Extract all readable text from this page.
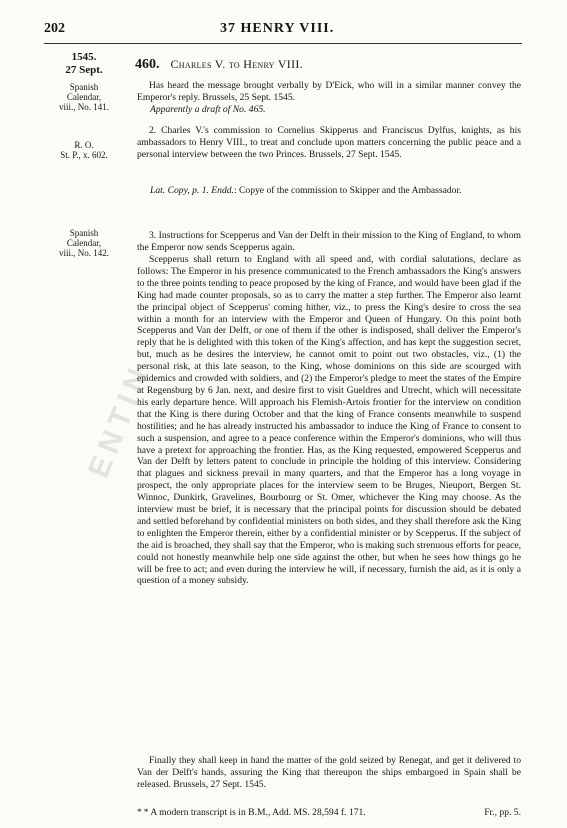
202	37 HENRY VIII.
1545.
27 Sept.
Spanish
Calendar,
viii., No. 141.
R. O.
St. P., x. 602.
Spanish
Calendar,
viii., No. 142.
460. Charles V. to Henry VIII.
Has heard the message brought verbally by D'Eick, who will in a similar manner convey the Emperor's reply. Brussels, 25 Sept. 1545.
Apparently a draft of No. 465.
2. Charles V.'s commission to Cornelius Skipperus and Franciscus Dylfus, knights, as his ambassadors to Henry VIII., to treat and conclude upon matters concerning the public peace and a personal interview between the two Princes. Brussels, 27 Sept. 1545.
Lat. Copy, p. 1. Endd.: Copye of the commission to Skipper and the Ambassador.
3. Instructions for Scepperus and Van der Delft in their mission to the King of England, to whom the Emperor now sends Scepperus again.
Scepperus shall return to England with all speed and, with cordial salutations, declare as follows: The Emperor in his presence communicated to the French ambassadors the King's answers to the three points tending to peace proposed by the king of France, and would have been glad if the King had made counter proposals, so as to carry the matter a step further. The Emperor also learnt the principal object of Scepperus' coming hither, viz., to press the King's desire to cross the sea within a month for an interview with the Emperor and Queen of Hungary. On this point both Scepperus and Van der Delft, or one of them if the other is indisposed, shall deliver the Emperor's reply that he is delighted with this token of the King's affection, and has kept the suggestion secret, but, much as he desires the interview, he cannot omit to point out two obstacles, viz., (1) the personal risk, at this late season, to the King, whose dominions on this side are scourged with epidemics and crowded with soldiers, and (2) the Emperor's pledge to meet the states of the Empire at Regensburg by 6 Jan. next, and desire first to visit Gueldres and Utrecht, which will necessitate his early departure hence. Will approach his Flemish-Artois frontier for the interview on condition that the King is there during October and that the king of France consents meanwhile to suspend hostilities; and he has already instructed his ambassador to induce the King of France to consent to such a suspension, and agree to a peace conference within the Emperor's dominions, who will thus have a pretext for approaching the frontier. Has, as the King requested, empowered Scepperus and Van der Delft by letters patent to conclude in principle the holding of this interview. Considering that plagues and sickness prevail in many quarters, and that the Emperor has a long voyage in prospect, the only appropriate places for the interview seem to be Bruges, Nieuport, Bergen St. Winnoc, Dunkirk, Gravelines, Bourbourg or St. Omer, whichever the King may choose. As the interview must be brief, it is necessary that the principal points for discussion should be debated and settled beforehand by confidential ministers on both sides, and they shall therefore ask the King to enlighten the Emperor therein, either by a confidential minister or by Scepperus. If the subject of the aid is broached, they shall say that the Emperor, who is making such strenuous efforts for peace, could not honestly meanwhile help one side against the other, but when he sees how things go he will be free to act; and even during the interview he will, if necessary, furnish the aid, as it is only a question of a money subsidy.
Finally they shall keep in hand the matter of the gold seized by Renegat, and get it delivered to Van der Delft's hands, assuring the King that thereupon the ships embargoed in Spain shall be released. Brussels, 27 Sept. 1545.
ENTIN
* * A modern transcript is in B.M., Add. MS. 28,594 f. 171.	Fr., pp. 5.
